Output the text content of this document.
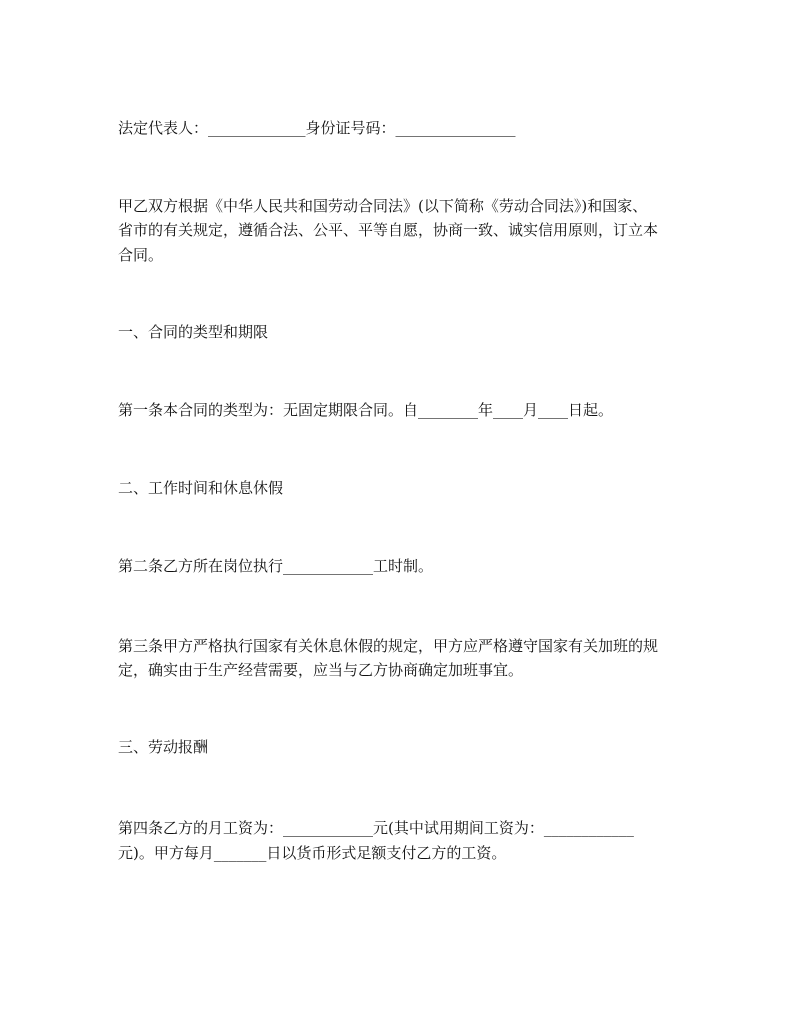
法定代表人：_____________身份证号码：________________
甲乙双方根据《中华人民共和国劳动合同法》(以下简称《劳动合同法》)和国家、
省市的有关规定，遵循合法、公平、平等自愿，协商一致、诚实信用原则，订立本
合同。
一、合同的类型和期限
第一条本合同的类型为：无固定期限合同。自________年____月____日起。
二、工作时间和休息休假
第二条乙方所在岗位执行____________工时制。
第三条甲方严格执行国家有关休息休假的规定，甲方应严格遵守国家有关加班的规
定，确实由于生产经营需要，应当与乙方协商确定加班事宜。
三、劳动报酬
第四条乙方的月工资为：____________元(其中试用期间工资为：____________
元)。甲方每月_______日以货币形式足额支付乙方的工资。
